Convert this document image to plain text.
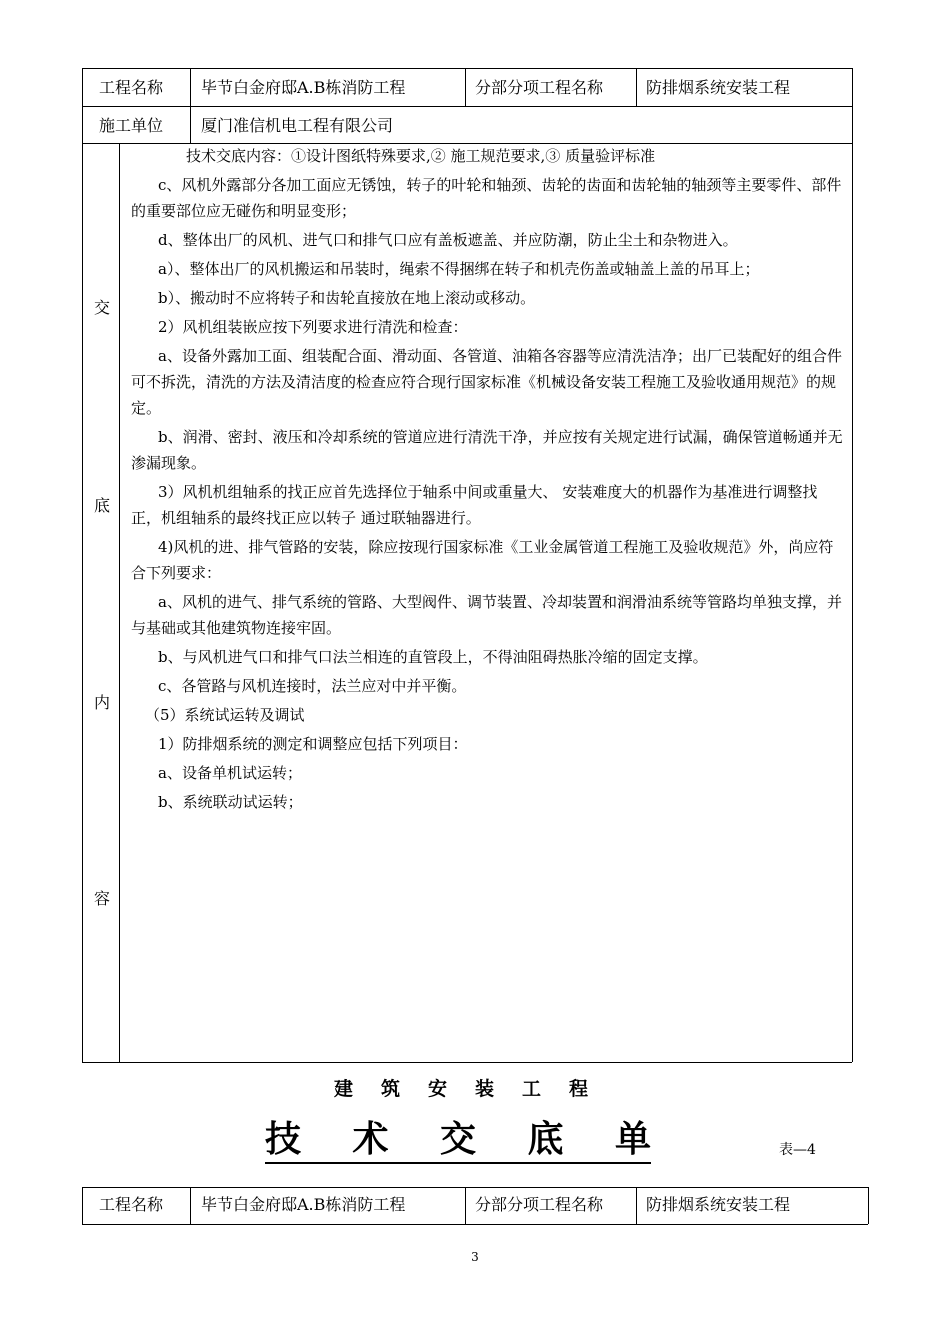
工程名称 毕节白金府邸A.B栋消防工程	分部分项工程名称	防排烟系统安装工程
施工单位 厦门准信机电工程有限公司
交
底
内
容

技术交底内容：①设计图纸特殊要求,② 施工规范要求,③ 质量验评标准

c、风机外露部分各加工面应无锈蚀，转子的叶轮和轴颈、齿轮的齿面和齿轮轴的轴颈等主要零件、部件的重要部位应无碰伤和明显变形；

d、整体出厂的风机、进气口和排气口应有盖板遮盖、并应防潮，防止尘土和杂物进入。

a）、整体出厂的风机搬运和吊装时，绳索不得捆绑在转子和机壳伤盖或轴盖上盖的吊耳上；

b）、搬动时不应将转子和齿轮直接放在地上滚动或移动。

2）风机组装嵌应按下列要求进行清洗和检查：

a、设备外露加工面、组装配合面、滑动面、各管道、油箱各容器等应清洗洁净；出厂已装配好的组合件可不拆洗，清洗的方法及清洁度的检查应符合现行国家标准《机械设备安装工程施工及验收通用规范》的规定。

b、润滑、密封、液压和冷却系统的管道应进行清洗干净，并应按有关规定进行试漏，确保管道畅通并无渗漏现象。

3）风机机组轴系的找正应首先选择位于轴系中间或重量大、 安装难度大的机器作为基准进行调整找正，机组轴系的最终找正应以转子 通过联轴器进行。

4)风机的进、排气管路的安装，除应按现行国家标准《工业金属管道工程施工及验收规范》外，尚应符合下列要求：

a、风机的进气、排气系统的管路、大型阀件、调节装置、冷却装置和润滑油系统等管路均单独支撑，并与基础或其他建筑物连接牢固。

b、与风机进气口和排气口法兰相连的直管段上，不得油阻碍热胀冷缩的固定支撑。

c、各管路与风机连接时，法兰应对中并平衡。

（5）系统试运转及调试

1）防排烟系统的测定和调整应包括下列项目：

a、设备单机试运转；

b、系统联动试运转；

建筑安装工程
技术交底单	表—4
工程名称 毕节白金府邸A.B栋消防工程	分部分项工程名称	防排烟系统安装工程
3
